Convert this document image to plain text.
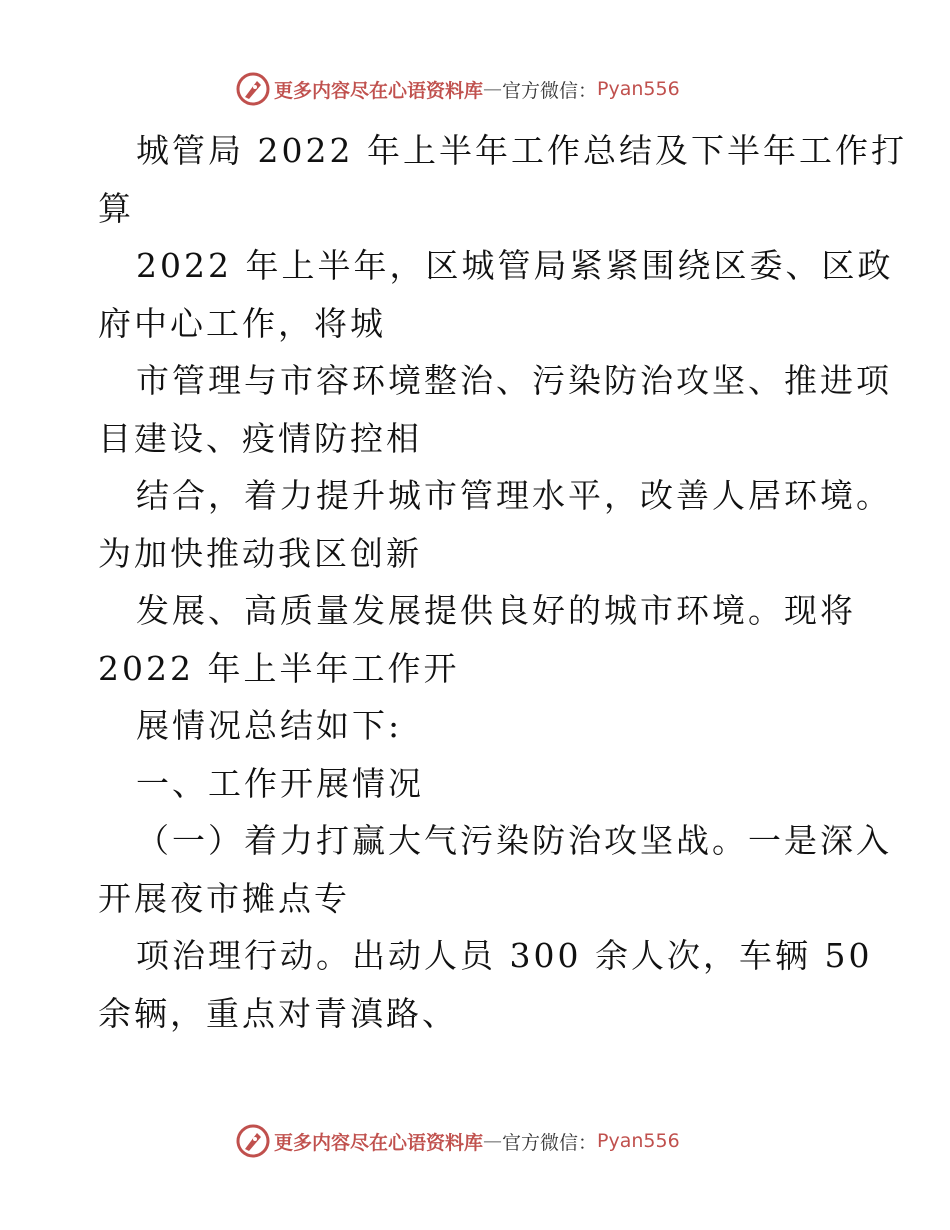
更多内容尽在心语资料库 — 官方微信： Pyan556
城管局 2022 年上半年工作总结及下半年工作打
算
2022 年上半年，区城管局紧紧围绕区委、区政
府中心工作，将城
市管理与市容环境整治、污染防治攻坚、推进项
目建设、疫情防控相
结合，着力提升城市管理水平，改善人居环境。
为加快推动我区创新
发展、高质量发展提供良好的城市环境。现将
2022 年上半年工作开
展情况总结如下:
一、工作开展情况
（一）着力打赢大气污染防治攻坚战。一是深入
开展夜市摊点专
项治理行动。出动人员 300 余人次，车辆 50
余辆，重点对青滇路、
更多内容尽在心语资料库 — 官方微信： Pyan556
